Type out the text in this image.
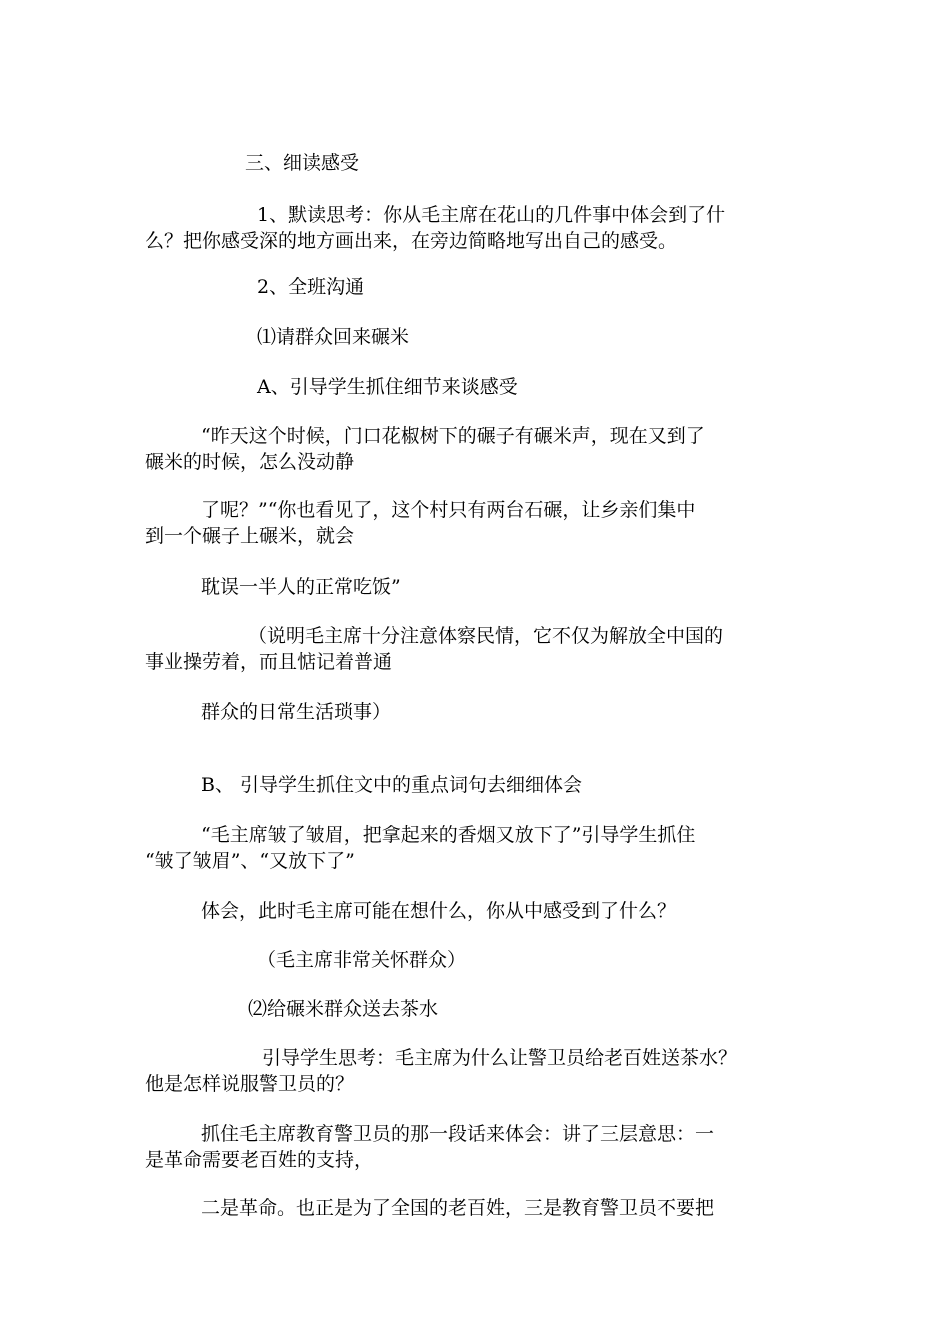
三、细读感受

1、默读思考：你从毛主席在花山的几件事中体会到了什
么？把你感受深的地方画出来，在旁边简略地写出自己的感受。

2、全班沟通

⑴请群众回来碾米

A、引导学生抓住细节来谈感受

“昨天这个时候，门口花椒树下的碾子有碾米声，现在又到了
碾米的时候，怎么没动静

了呢？”“你也看见了，这个村只有两台石碾，让乡亲们集中
到一个碾子上碾米，就会

耽误一半人的正常吃饭”

（说明毛主席十分注意体察民情，它不仅为解放全中国的
事业操劳着，而且惦记着普通

群众的日常生活琐事）

B、 引导学生抓住文中的重点词句去细细体会

“毛主席皱了皱眉，把拿起来的香烟又放下了”引导学生抓住
“皱了皱眉”、“又放下了”

体会，此时毛主席可能在想什么，你从中感受到了什么？

（毛主席非常关怀群众）

⑵给碾米群众送去茶水

引导学生思考：毛主席为什么让警卫员给老百姓送茶水？
他是怎样说服警卫员的？

抓住毛主席教育警卫员的那一段话来体会：讲了三层意思：一
是革命需要老百姓的支持，

二是革命。也正是为了全国的老百姓，三是教育警卫员不要把
